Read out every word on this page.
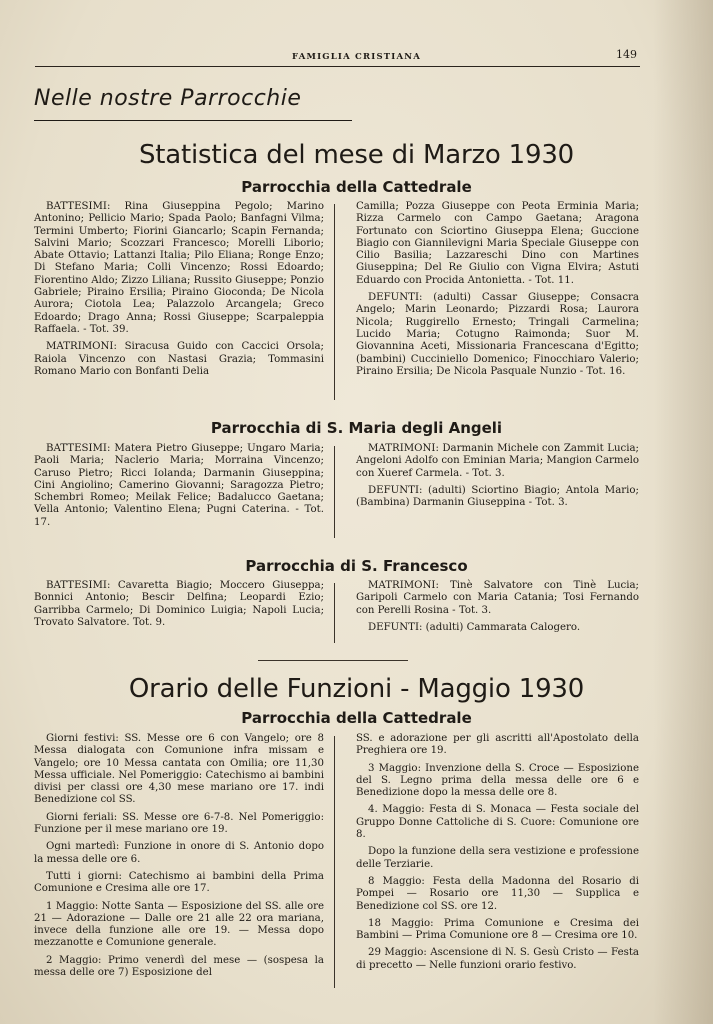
FAMIGLIA CRISTIANA	149
Nelle nostre Parrocchie
Statistica del mese di Marzo 1930
Parrocchia della Cattedrale

BATTESIMI: Rina Giuseppina Pegolo; Marino Antonino; Pellicio Mario; Spada Paolo; Banfagni Vilma; Termini Umberto; Fiorini Giancarlo; Scapin Fernanda; Salvini Mario; Scozzari Francesco; Morelli Liborio; Abate Ottavio; Lattanzi Italia; Pilo Eliana; Ronge Enzo; Di Stefano Maria; Colli Vincenzo; Rossi Edoardo; Fiorentino Aldo; Zizzo Liliana; Russito Giuseppe; Ponzio Gabriele; Piraino Ersilia; Piraino Gioconda; De Nicola Aurora; Ciotola Lea; Palazzolo Arcangela; Greco Edoardo; Drago Anna; Rossi Giuseppe; Scarpaleppia Raffaela. - Tot. 39.

MATRIMONI: Siracusa Guido con Caccici Orsola; Raiola Vincenzo con Nastasi Grazia; Tommasini Romano Mario con Bonfanti Delia

Camilla; Pozza Giuseppe con Peota Erminia Maria; Rizza Carmelo con Campo Gaetana; Aragona Fortunato con Sciortino Giuseppa Elena; Guccione Biagio con Giannilevigni Maria Speciale Giuseppe con Cilio Basilia; Lazzareschi Dino con Martines Giuseppina; Del Re Giulio con Vigna Elvira; Astuti Eduardo con Procida Antonietta. - Tot. 11.

DEFUNTI: (adulti) Cassar Giuseppe; Consacra Angelo; Marin Leonardo; Pizzardi Rosa; Laurora Nicola; Ruggirello Ernesto; Tringali Carmelina; Lucido Maria; Cotugno Raimonda; Suor M. Giovannina Aceti, Missionaria Francescana d'Egitto; (bambini) Cucciniello Domenico; Finocchiaro Valerio; Piraino Ersilia; De Nicola Pasquale Nunzio - Tot. 16.

Parrocchia di S. Maria degli Angeli

BATTESIMI: Matera Pietro Giuseppe; Ungaro Maria; Paoli Maria; Naclerio Maria; Morraina Vincenzo; Caruso Pietro; Ricci Iolanda; Darmanin Giuseppina; Cini Angiolino; Camerino Giovanni; Saragozza Pietro; Schembri Romeo; Meilak Felice; Badalucco Gaetana; Vella Antonio; Valentino Elena; Pugni Caterina. - Tot. 17.

MATRIMONI: Darmanin Michele con Zammit Lucia; Angeloni Adolfo con Eminian Maria; Mangion Carmelo con Xueref Carmela. - Tot. 3.

DEFUNTI: (adulti) Sciortino Biagio; Antola Mario; (Bambina) Darmanin Giuseppina - Tot. 3.

Parrocchia di S. Francesco

BATTESIMI: Cavaretta Biagio; Moccero Giuseppa; Bonnici Antonio; Bescir Delfina; Leopardi Ezio; Garribba Carmelo; Di Dominico Luigia; Napoli Lucia; Trovato Salvatore. Tot. 9.

MATRIMONI: Tinè Salvatore con Tinè Lucia; Garipoli Carmelo con Maria Catania; Tosi Fernando con Perelli Rosina - Tot. 3.

DEFUNTI: (adulti) Cammarata Calogero.

Orario delle Funzioni - Maggio 1930
Parrocchia della Cattedrale

Giorni festivi: SS. Messe ore 6 con Vangelo; ore 8 Messa dialogata con Comunione infra missam e Vangelo; ore 10 Messa cantata con Omilia; ore 11,30 Messa ufficiale. Nel Pomeriggio: Catechismo ai bambini divisi per classi ore 4,30 mese mariano ore 17. indi Benedizione col SS.

Giorni feriali: SS. Messe ore 6-7-8. Nel Pomeriggio: Funzione per il mese mariano ore 19.

Ogni martedì: Funzione in onore di S. Antonio dopo la messa delle ore 6.

Tutti i giorni: Catechismo ai bambini della Prima Comunione e Cresima alle ore 17.

1 Maggio: Notte Santa — Esposizione del SS. alle ore 21 — Adorazione — Dalle ore 21 alle 22 ora mariana, invece della funzione alle ore 19. — Messa dopo mezzanotte e Comunione generale.

2 Maggio: Primo venerdì del mese — (sospesa la messa delle ore 7) Esposizione del

SS. e adorazione per gli ascritti all'Apostolato della Preghiera ore 19.

3 Maggio: Invenzione della S. Croce — Esposizione del S. Legno prima della messa delle ore 6 e Benedizione dopo la messa delle ore 8.

4. Maggio: Festa di S. Monaca — Festa sociale del Gruppo Donne Cattoliche di S. Cuore: Comunione ore 8.

Dopo la funzione della sera vestizione e professione delle Terziarie.

8 Maggio: Festa della Madonna del Rosario di Pompei — Rosario ore 11,30 — Supplica e Benedizione col SS. ore 12.

18 Maggio: Prima Comunione e Cresima dei Bambini — Prima Comunione ore 8 — Cresima ore 10.

29 Maggio: Ascensione di N. S. Gesù Cristo — Festa di precetto — Nelle funzioni orario festivo.
